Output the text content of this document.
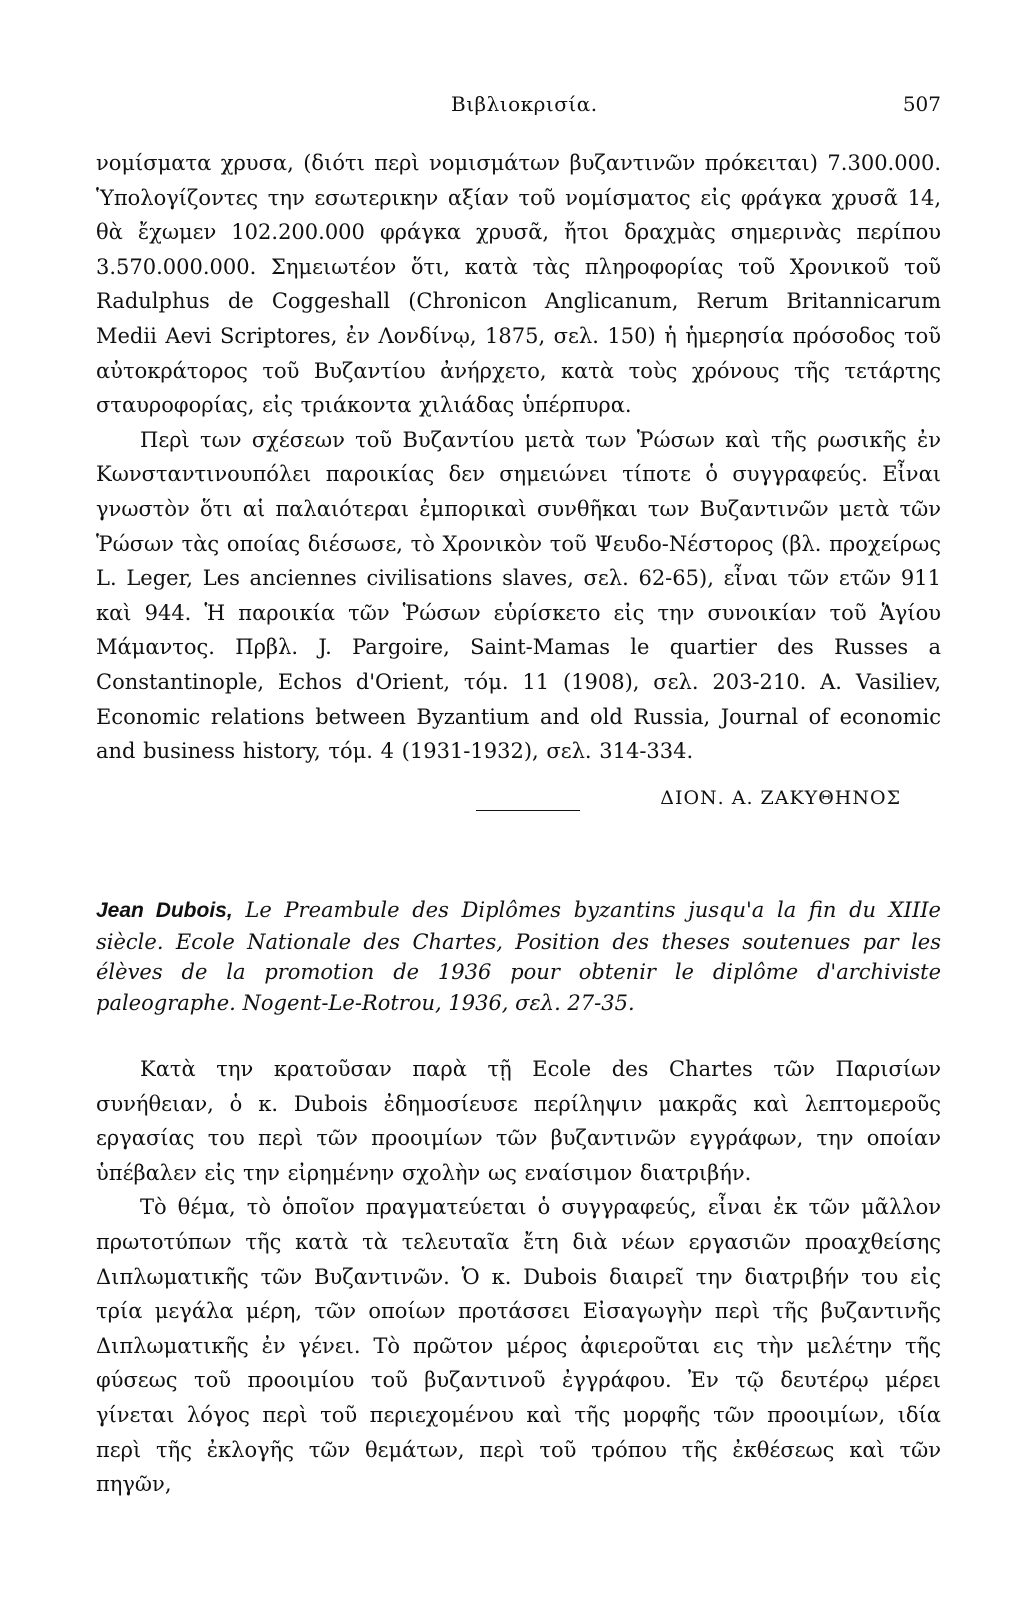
Βιβλιοκρισία.	507

νομίσματα χρυσα, (διότι περὶ νομισμάτων βυζαντινῶν πρόκειται) 7.300.000. Ὑπολογίζοντες την εσωτερικην αξίαν τοῦ νομίσματος εἰς φράγκα χρυσᾶ 14, θὰ ἔχωμεν 102.200.000 φράγκα χρυσᾶ, ἤτοι δραχμὰς σημερινὰς περίπου 3.570.000.000. Σημειωτέον ὅτι, κατὰ τὰς πληροφορίας τοῦ Χρονικοῦ τοῦ Radulphus de Coggeshall (Chronicon Anglicanum, Rerum Britannicarum Medii Aevi Scriptores, ἐν Λονδίνῳ, 1875, σελ. 150) ἡ ἡμερησία πρόσοδος τοῦ αὐτοκράτορος τοῦ Βυζαντίου ἀνήρχετο, κατὰ τοὺς χρόνους τῆς τετάρτης σταυροφορίας, εἰς τριάκοντα χιλιάδας ὑπέρπυρα.

Περὶ των σχέσεων τοῦ Βυζαντίου μετὰ των Ῥώσων καὶ τῆς ρωσικῆς ἐν Κωνσταντινουπόλει παροικίας δεν σημειώνει τίποτε ὁ συγγραφεύς. Εἶναι γνωστὸν ὅτι αἱ παλαιότεραι ἐμπορικαὶ συνθῆκαι των Βυζαντινῶν μετὰ τῶν Ῥώσων τὰς οποίας διέσωσε, τὸ Χρονικὸν τοῦ Ψευδο-Νέστορος (βλ. προχείρως L. Leger, Les anciennes civilisations slaves, σελ. 62-65), εἶναι τῶν ετῶν 911 καὶ 944. Ἡ παροικία τῶν Ῥώσων εὑρίσκετο εἰς την συνοικίαν τοῦ Ἁγίου Μάμαντος. Πρβλ. J. Pargoire, Saint-Mamas le quartier des Russes a Constantinople, Echos d'Orient, τόμ. 11 (1908), σελ. 203-210. A. Vasiliev, Economic relations between Byzantium and old Russia, Journal of economic and business history, τόμ. 4 (1931-1932), σελ. 314-334.

ΔΙΟΝ. Α. ΖΑΚΥΘΗΝΟΣ

Jean Dubois, Le Preambule des Diplômes byzantins jusqu'a la fin du XIIIe siècle. Ecole Nationale des Chartes, Position des theses soutenues par les élèves de la promotion de 1936 pour obtenir le diplôme d'archiviste paleographe. Nogent-Le-Rotrou, 1936, σελ. 27-35.

Κατὰ την κρατοῦσαν παρὰ τῇ Ecole des Chartes τῶν Παρισίων συνήθειαν, ὁ κ. Dubois ἐδημοσίευσε περίληψιν μακρᾶς καὶ λεπτομεροῦς εργασίας του περὶ τῶν προοιμίων τῶν βυζαντινῶν εγγράφων, την οποίαν ὑπέβαλεν εἰς την εἰρημένην σχολὴν ως εναίσιμον διατριβήν.

Τὸ θέμα, τὸ ὁποῖον πραγματεύεται ὁ συγγραφεύς, εἶναι ἐκ τῶν μᾶλλον πρωτοτύπων τῆς κατὰ τὰ τελευταῖα ἔτη διὰ νέων εργασιῶν προαχθείσης Διπλωματικῆς τῶν Βυζαντινῶν. Ὁ κ. Dubois διαιρεῖ την διατριβήν του εἰς τρία μεγάλα μέρη, τῶν οποίων προτάσσει Εἰσαγωγὴν περὶ τῆς βυζαντινῆς Διπλωματικῆς ἐν γένει. Τὸ πρῶτον μέρος ἀφιεροῦται εις τὴν μελέτην τῆς φύσεως τοῦ προοιμίου τοῦ βυζαντινοῦ ἐγγράφου. Ἐν τῷ δευτέρῳ μέρει γίνεται λόγος περὶ τοῦ περιεχομένου καὶ τῆς μορφῆς τῶν προοιμίων, ιδία περὶ τῆς ἐκλογῆς τῶν θεμάτων, περὶ τοῦ τρόπου τῆς ἐκθέσεως καὶ τῶν πηγῶν,
